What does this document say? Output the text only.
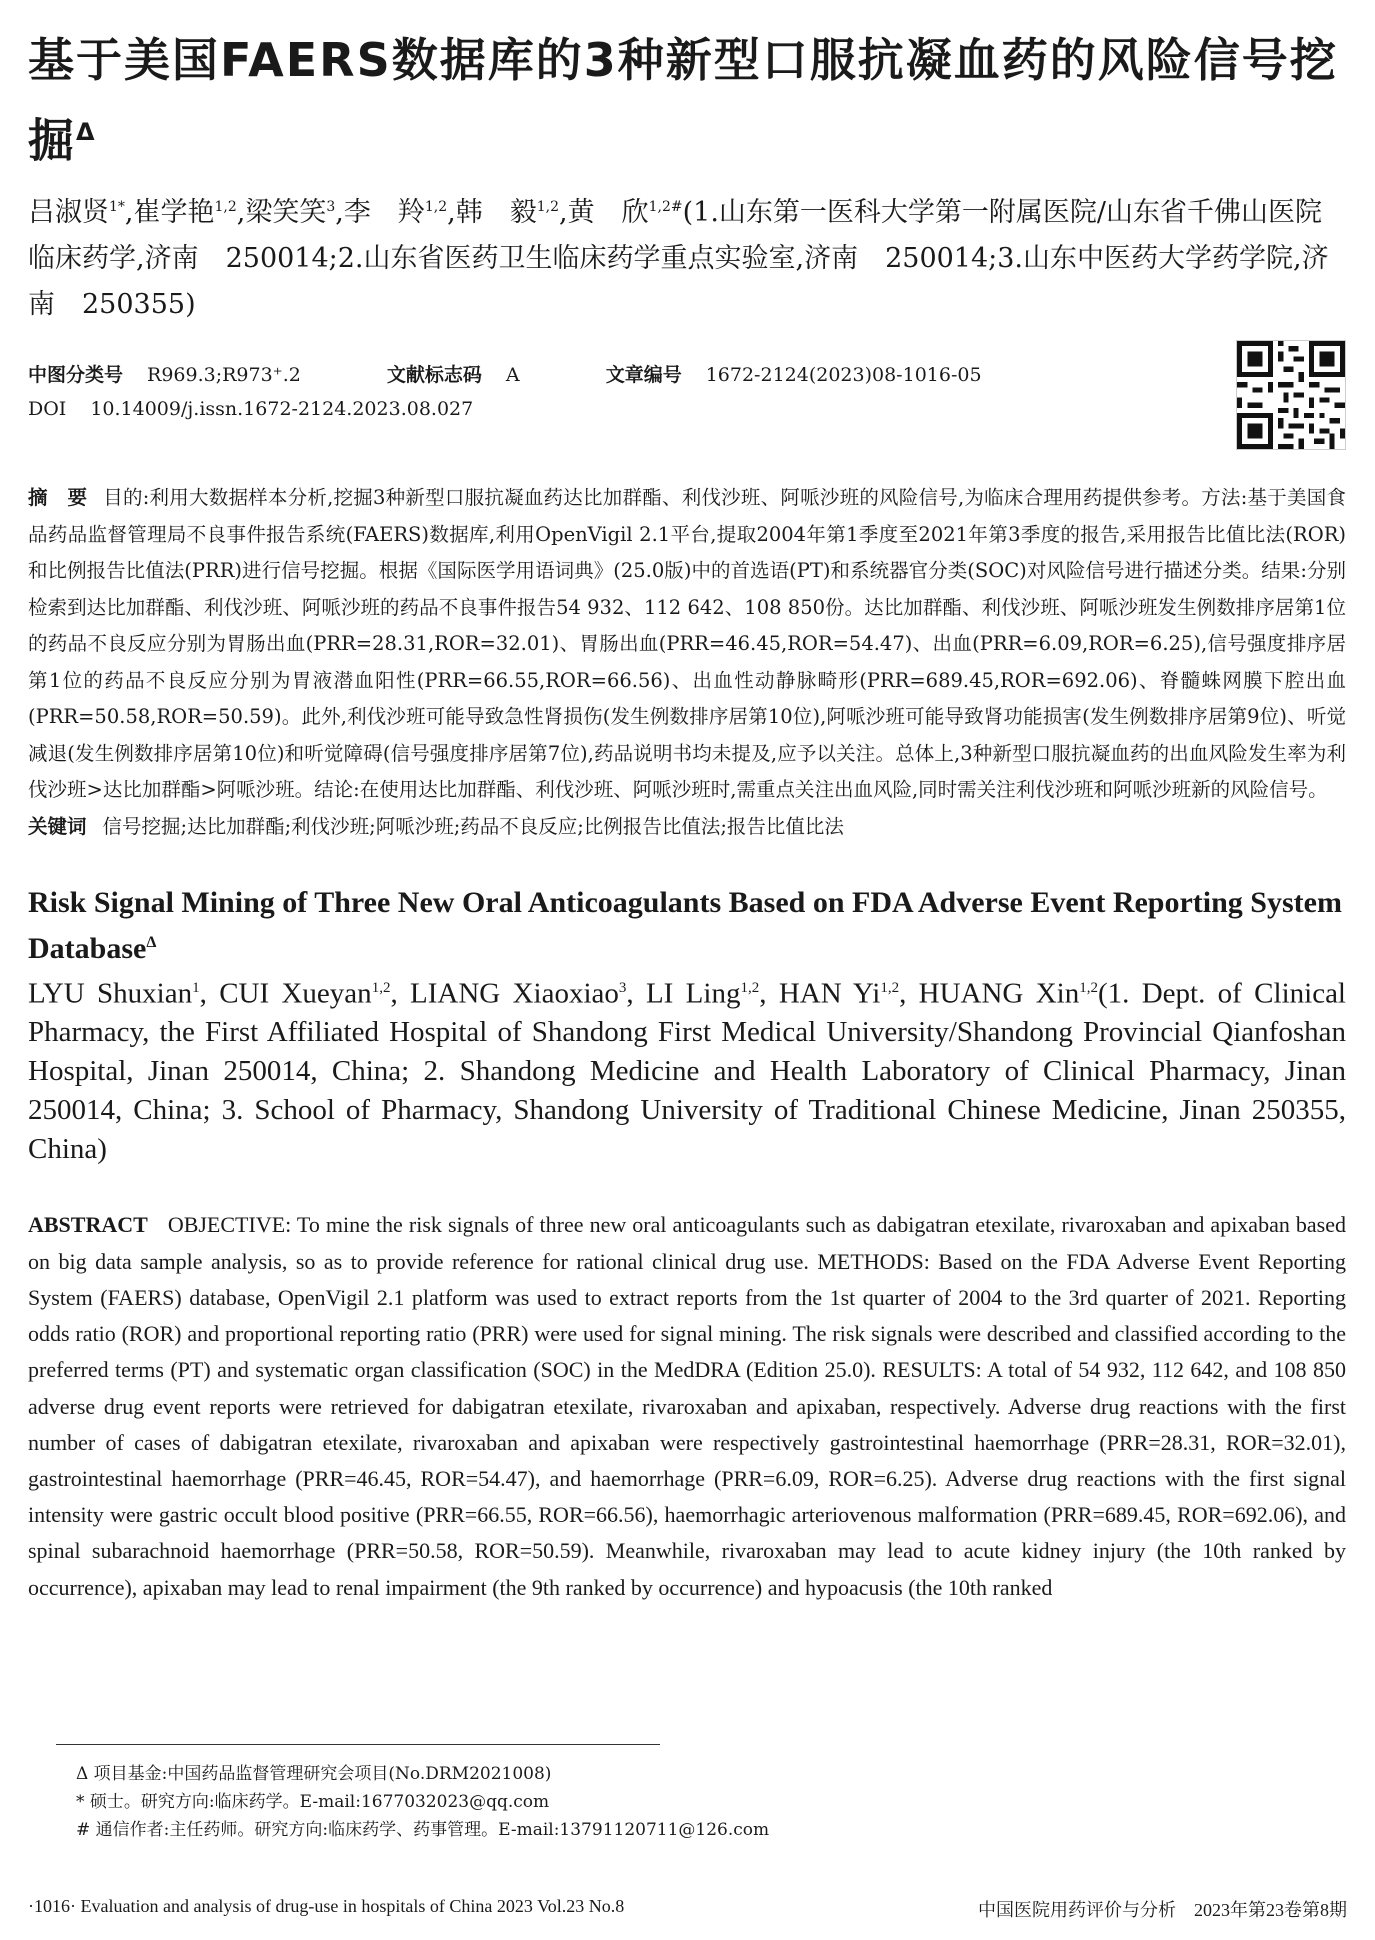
基于美国FAERS数据库的3种新型口服抗凝血药的风险信号挖掘$^\Delta$
吕淑贤$^{1*}$,崔学艳$^{1,2}$,梁笑笑$^3$,李　羚$^{1,2}$,韩　毅$^{1,2}$,黄　欣$^{1,2\#}$(1.山东第一医科大学第一附属医院/山东省千佛山医院临床药学,济南　250014;2.山东省医药卫生临床药学重点实验室,济南　250014;3.山东中医药大学药学院,济南　250355)
中图分类号 R969.3;R973⁺.2	文献标志码 A	文章编号 1672-2124(2023)08-1016-05
DOI 10.14009/j.issn.1672-2124.2023.08.027
摘　要 目的:利用大数据样本分析,挖掘3种新型口服抗凝血药达比加群酯、利伐沙班、阿哌沙班的风险信号,为临床合理用药提供参考。方法:基于美国食品药品监督管理局不良事件报告系统(FAERS)数据库,利用OpenVigil 2.1平台,提取2004年第1季度至2021年第3季度的报告,采用报告比值比法(ROR)和比例报告比值法(PRR)进行信号挖掘。根据《国际医学用语词典》(25.0版)中的首选语(PT)和系统器官分类(SOC)对风险信号进行描述分类。结果:分别检索到达比加群酯、利伐沙班、阿哌沙班的药品不良事件报告54 932、112 642、108 850份。达比加群酯、利伐沙班、阿哌沙班发生例数排序居第1位的药品不良反应分别为胃肠出血(PRR=28.31,ROR=32.01)、胃肠出血(PRR=46.45,ROR=54.47)、出血(PRR=6.09,ROR=6.25),信号强度排序居第1位的药品不良反应分别为胃液潜血阳性(PRR=66.55,ROR=66.56)、出血性动静脉畸形(PRR=689.45,ROR=692.06)、脊髓蛛网膜下腔出血(PRR=50.58,ROR=50.59)。此外,利伐沙班可能导致急性肾损伤(发生例数排序居第10位),阿哌沙班可能导致肾功能损害(发生例数排序居第9位)、听觉减退(发生例数排序居第10位)和听觉障碍(信号强度排序居第7位),药品说明书均未提及,应予以关注。总体上,3种新型口服抗凝血药的出血风险发生率为利伐沙班>达比加群酯>阿哌沙班。结论:在使用达比加群酯、利伐沙班、阿哌沙班时,需重点关注出血风险,同时需关注利伐沙班和阿哌沙班新的风险信号。
关键词 信号挖掘;达比加群酯;利伐沙班;阿哌沙班;药品不良反应;比例报告比值法;报告比值比法
Risk Signal Mining of Three New Oral Anticoagulants Based on FDA Adverse Event Reporting System Database$^\Delta$
LYU Shuxian$^1$, CUI Xueyan$^{1,2}$, LIANG Xiaoxiao$^3$, LI Ling$^{1,2}$, HAN Yi$^{1,2}$, HUANG Xin$^{1,2}$(1. Dept. of Clinical Pharmacy, the First Affiliated Hospital of Shandong First Medical University/Shandong Provincial Qianfoshan Hospital, Jinan 250014, China; 2. Shandong Medicine and Health Laboratory of Clinical Pharmacy, Jinan 250014, China; 3. School of Pharmacy, Shandong University of Traditional Chinese Medicine, Jinan 250355, China)
ABSTRACT OBJECTIVE: To mine the risk signals of three new oral anticoagulants such as dabigatran etexilate, rivaroxaban and apixaban based on big data sample analysis, so as to provide reference for rational clinical drug use. METHODS: Based on the FDA Adverse Event Reporting System (FAERS) database, OpenVigil 2.1 platform was used to extract reports from the 1st quarter of 2004 to the 3rd quarter of 2021. Reporting odds ratio (ROR) and proportional reporting ratio (PRR) were used for signal mining. The risk signals were described and classified according to the preferred terms (PT) and systematic organ classification (SOC) in the MedDRA (Edition 25.0). RESULTS: A total of 54 932, 112 642, and 108 850 adverse drug event reports were retrieved for dabigatran etexilate, rivaroxaban and apixaban, respectively. Adverse drug reactions with the first number of cases of dabigatran etexilate, rivaroxaban and apixaban were respectively gastrointestinal haemorrhage (PRR=28.31, ROR=32.01), gastrointestinal haemorrhage (PRR=46.45, ROR=54.47), and haemorrhage (PRR=6.09, ROR=6.25). Adverse drug reactions with the first signal intensity were gastric occult blood positive (PRR=66.55, ROR=66.56), haemorrhagic arteriovenous malformation (PRR=689.45, ROR=692.06), and spinal subarachnoid haemorrhage (PRR=50.58, ROR=50.59). Meanwhile, rivaroxaban may lead to acute kidney injury (the 10th ranked by occurrence), apixaban may lead to renal impairment (the 9th ranked by occurrence) and hypoacusis (the 10th ranked
Δ 项目基金:中国药品监督管理研究会项目(No.DRM2021008)
* 硕士。研究方向:临床药学。E-mail:1677032023@qq.com
# 通信作者:主任药师。研究方向:临床药学、药事管理。E-mail:13791120711@126.com
·1016· Evaluation and analysis of drug-use in hospitals of China 2023 Vol.23 No.8	中国医院用药评价与分析　2023年第23卷第8期
